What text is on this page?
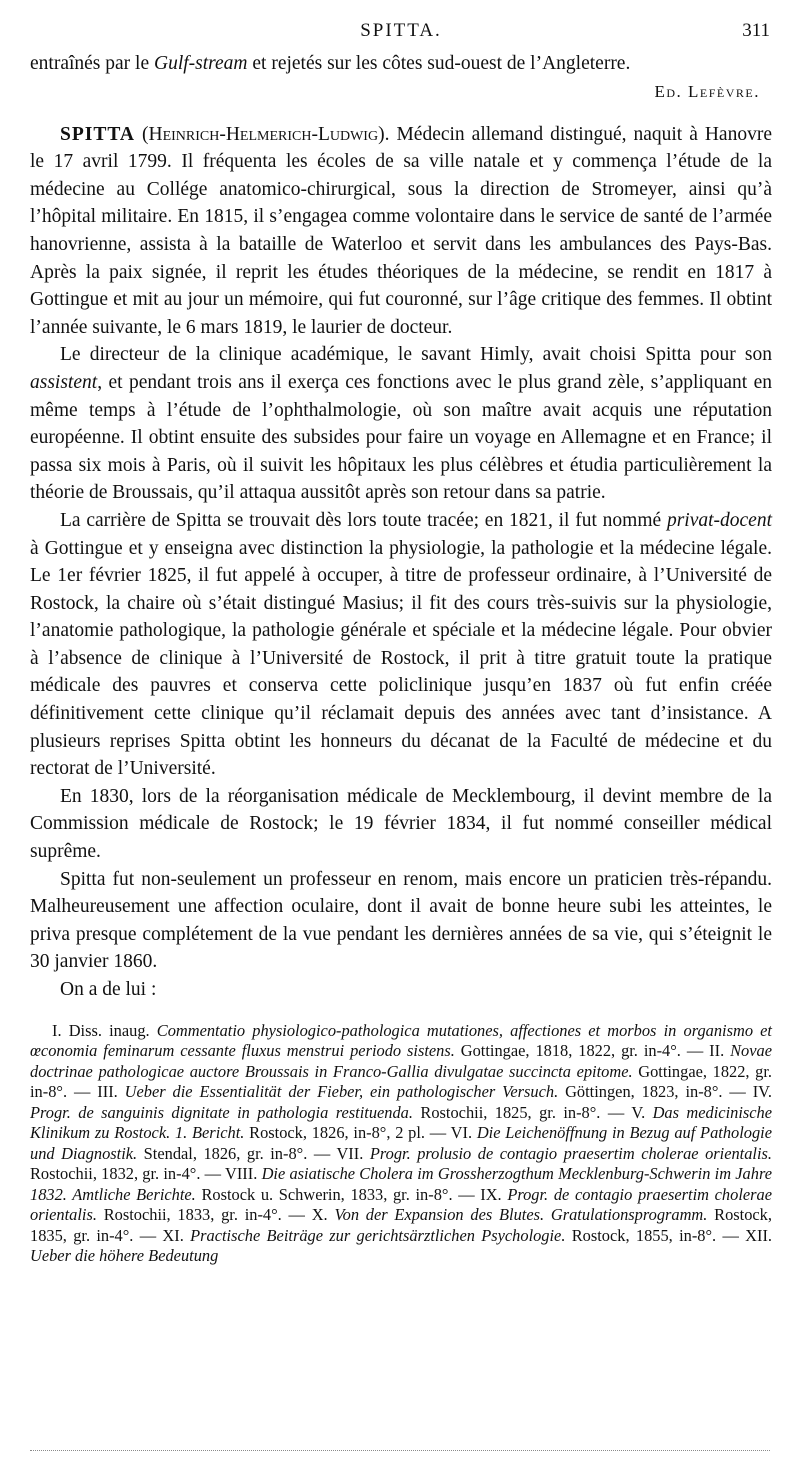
SPITTA.	311

entraînés par le Gulf-stream et rejetés sur les côtes sud-ouest de l’Angleterre.

Ed. Lefèvre.

SPITTA (Heinrich-Helmerich-Ludwig). Médecin allemand distingué, naquit à Hanovre le 17 avril 1799. Il fréquenta les écoles de sa ville natale et y commença l’étude de la médecine au Collége anatomico-chirurgical, sous la direction de Stromeyer, ainsi qu’à l’hôpital militaire. En 1815, il s’engagea comme volontaire dans le service de santé de l’armée hanovrienne, assista à la bataille de Waterloo et servit dans les ambulances des Pays-Bas. Après la paix signée, il reprit les études théoriques de la médecine, se rendit en 1817 à Gottingue et mit au jour un mémoire, qui fut couronné, sur l’âge critique des femmes. Il obtint l’année suivante, le 6 mars 1819, le laurier de docteur.

Le directeur de la clinique académique, le savant Himly, avait choisi Spitta pour son assistent, et pendant trois ans il exerça ces fonctions avec le plus grand zèle, s’appliquant en même temps à l’étude de l’ophthalmologie, où son maître avait acquis une réputation européenne. Il obtint ensuite des subsides pour faire un voyage en Allemagne et en France; il passa six mois à Paris, où il suivit les hôpitaux les plus célèbres et étudia particulièrement la théorie de Broussais, qu’il attaqua aussitôt après son retour dans sa patrie.

La carrière de Spitta se trouvait dès lors toute tracée; en 1821, il fut nommé privat-docent à Gottingue et y enseigna avec distinction la physiologie, la pathologie et la médecine légale. Le 1er février 1825, il fut appelé à occuper, à titre de professeur ordinaire, à l’Université de Rostock, la chaire où s’était distingué Masius; il fit des cours très-suivis sur la physiologie, l’anatomie pathologique, la pathologie générale et spéciale et la médecine légale. Pour obvier à l’absence de clinique à l’Université de Rostock, il prit à titre gratuit toute la pratique médicale des pauvres et conserva cette policlinique jusqu’en 1837 où fut enfin créée définitivement cette clinique qu’il réclamait depuis des années avec tant d’insistance. A plusieurs reprises Spitta obtint les honneurs du décanat de la Faculté de médecine et du rectorat de l’Université.

En 1830, lors de la réorganisation médicale de Mecklembourg, il devint membre de la Commission médicale de Rostock; le 19 février 1834, il fut nommé conseiller médical suprême.

Spitta fut non-seulement un professeur en renom, mais encore un praticien très-répandu. Malheureusement une affection oculaire, dont il avait de bonne heure subi les atteintes, le priva presque complétement de la vue pendant les dernières années de sa vie, qui s’éteignit le 30 janvier 1860.

On a de lui :

I. Diss. inaug. Commentatio physiologico-pathologica mutationes, affectiones et morbos in organismo et œconomia feminarum cessante fluxus menstrui periodo sistens. Gottingae, 1818, 1822, gr. in-4°. — II. Novae doctrinae pathologicae auctore Broussais in Franco-Gallia divulgatae succincta epitome. Gottingae, 1822, gr. in-8°. — III. Ueber die Essentialität der Fieber, ein pathologischer Versuch. Göttingen, 1823, in-8°. — IV. Progr. de sanguinis dignitate in pathologia restituenda. Rostochii, 1825, gr. in-8°. — V. Das medicinische Klinikum zu Rostock. 1. Bericht. Rostock, 1826, in-8°, 2 pl. — VI. Die Leichenöffnung in Bezug auf Pathologie und Diagnostik. Stendal, 1826, gr. in-8°. — VII. Progr. prolusio de contagio praesertim cholerae orientalis. Rostochii, 1832, gr. in-4°. — VIII. Die asiatische Cholera im Grossherzogthum Mecklenburg-Schwerin im Jahre 1832. Amtliche Berichte. Rostock u. Schwerin, 1833, gr. in-8°. — IX. Progr. de contagio praesertim cholerae orientalis. Rostochii, 1833, gr. in-4°. — X. Von der Expansion des Blutes. Gratulationsprogramm. Rostock, 1835, gr. in-4°. — XI. Practische Beiträge zur gerichtsärztlichen Psychologie. Rostock, 1855, in-8°. — XII. Ueber die höhere Bedeutung
